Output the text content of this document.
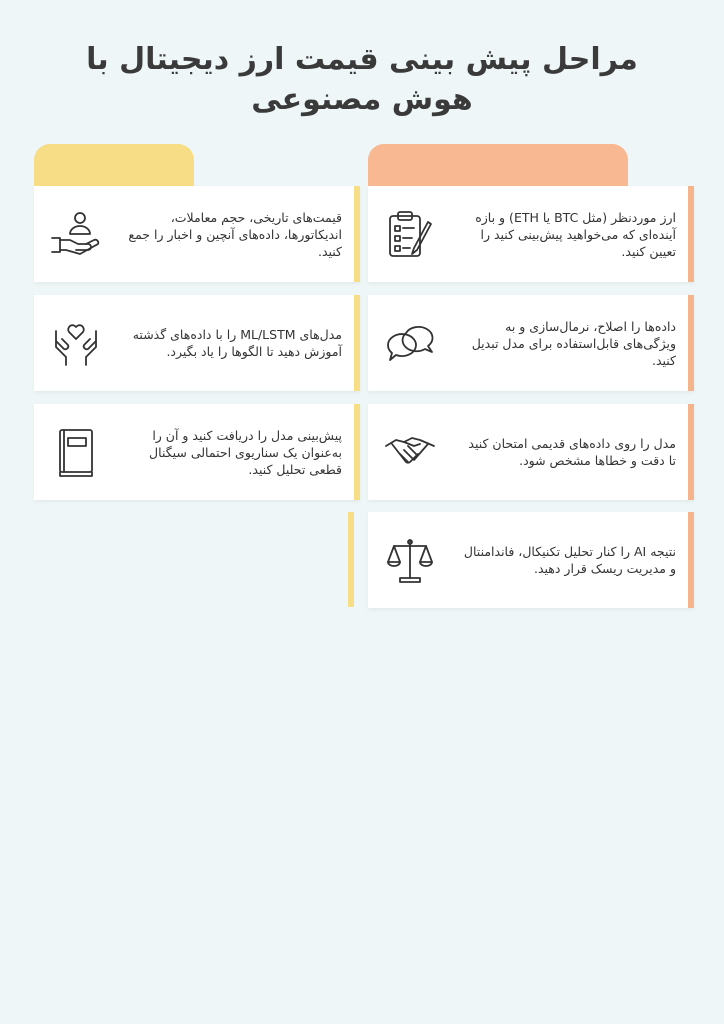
مراحل پیش بینی قیمت ارز دیجیتال با
هوش مصنوعی
ارز موردنظر (مثل BTC یا ETH) و بازه آینده‌ای که می‌خواهید پیش‌بینی کنید را تعیین کنید.
داده‌ها را اصلاح، نرمال‌سازی و به ویژگی‌های قابل‌استفاده برای مدل تبدیل کنید.
مدل را روی داده‌های قدیمی امتحان کنید تا دقت و خطاها مشخص شود.
نتیجه AI را کنار تحلیل تکنیکال، فاندامنتال و مدیریت ریسک قرار دهید.
قیمت‌های تاریخی، حجم معاملات، اندیکاتورها، داده‌های آنچین و اخبار را جمع کنید.
مدل‌های ML/LSTM را با داده‌های گذشته آموزش دهید تا الگوها را یاد بگیرد.
پیش‌بینی مدل را دریافت کنید و آن را به‌عنوان یک سناریوی احتمالی سیگنال قطعی تحلیل کنید.
